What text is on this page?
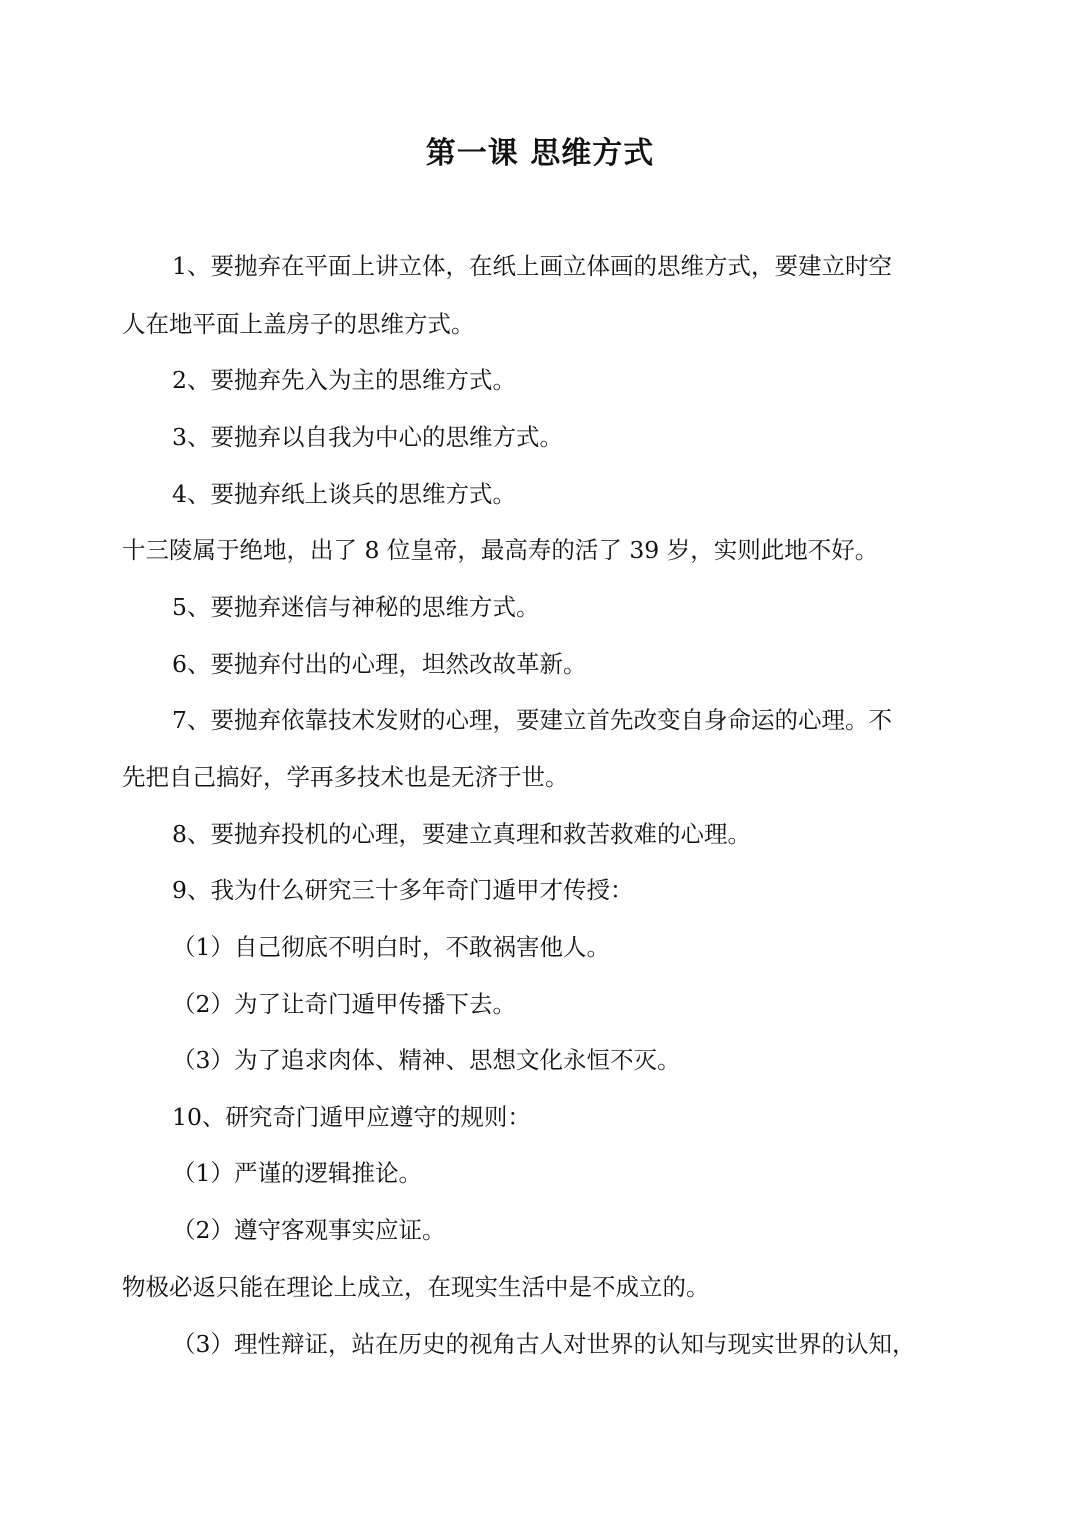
第一课 思维方式

1、要抛弃在平面上讲立体，在纸上画立体画的思维方式，要建立时空

人在地平面上盖房子的思维方式。

2、要抛弃先入为主的思维方式。

3、要抛弃以自我为中心的思维方式。

4、要抛弃纸上谈兵的思维方式。

十三陵属于绝地，出了 8 位皇帝，最高寿的活了 39 岁，实则此地不好。

5、要抛弃迷信与神秘的思维方式。

6、要抛弃付出的心理，坦然改故革新。

7、要抛弃依靠技术发财的心理，要建立首先改变自身命运的心理。不

先把自己搞好，学再多技术也是无济于世。

8、要抛弃投机的心理，要建立真理和救苦救难的心理。

9、我为什么研究三十多年奇门遁甲才传授：

（1）自己彻底不明白时，不敢祸害他人。

（2）为了让奇门遁甲传播下去。

（3）为了追求肉体、精神、思想文化永恒不灭。

10、研究奇门遁甲应遵守的规则：

（1）严谨的逻辑推论。

（2）遵守客观事实应证。

物极必返只能在理论上成立，在现实生活中是不成立的。

（3）理性辩证，站在历史的视角古人对世界的认知与现实世界的认知，
